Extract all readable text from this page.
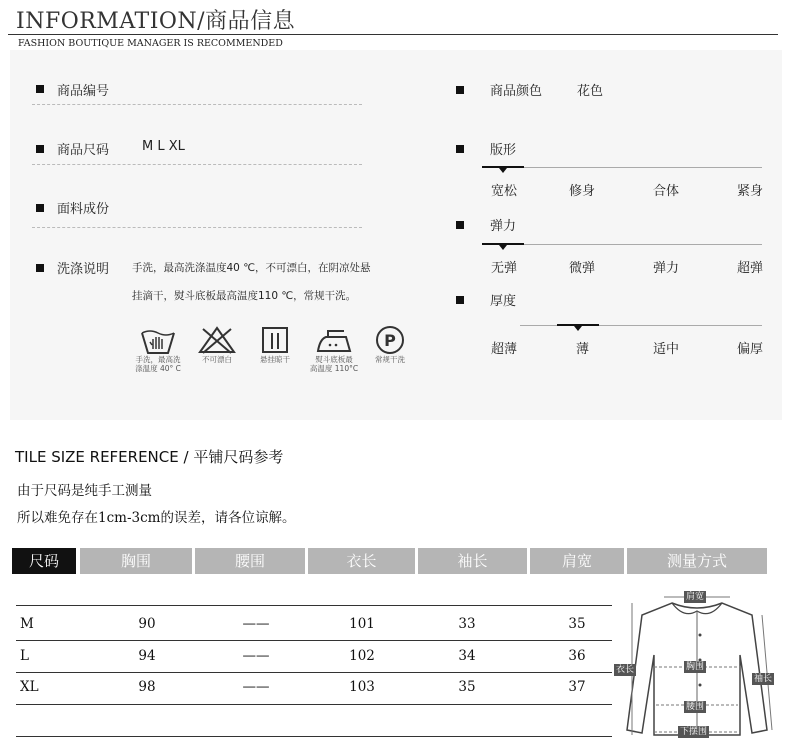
INFORMATION/商品信息
FASHION BOUTIQUE MANAGER IS RECOMMENDED
商品编号
商品尺码	M L XL
面料成份
洗涤说明 手洗，最高洗涤温度40 ℃，不可漂白，在阴凉处悬
挂滴干，熨斗底板最高温度110 ℃，常规干洗。
手洗，最高洗
涤温度 40° C
不可漂白	悬挂晾干	熨斗底板最
高温度 110°C
P
常规干洗
商品颜色	花色
版形
宽松	修身	合体	紧身
弹力
无弹	微弹	弹力	超弹
厚度
超薄	薄	适中	偏厚
TILE SIZE REFERENCE / 平铺尺码参考
由于尺码是纯手工测量
所以难免存在1cm-3cm的误差，请各位谅解。
尺码	胸围	腰围	衣长	袖长	肩宽	测量方式
M	90	——	101	33	35
L	94	——	102	34	36
XL	98	——	103	35	37
肩宽
胸围
衣长
袖长
腰围
下摆围
